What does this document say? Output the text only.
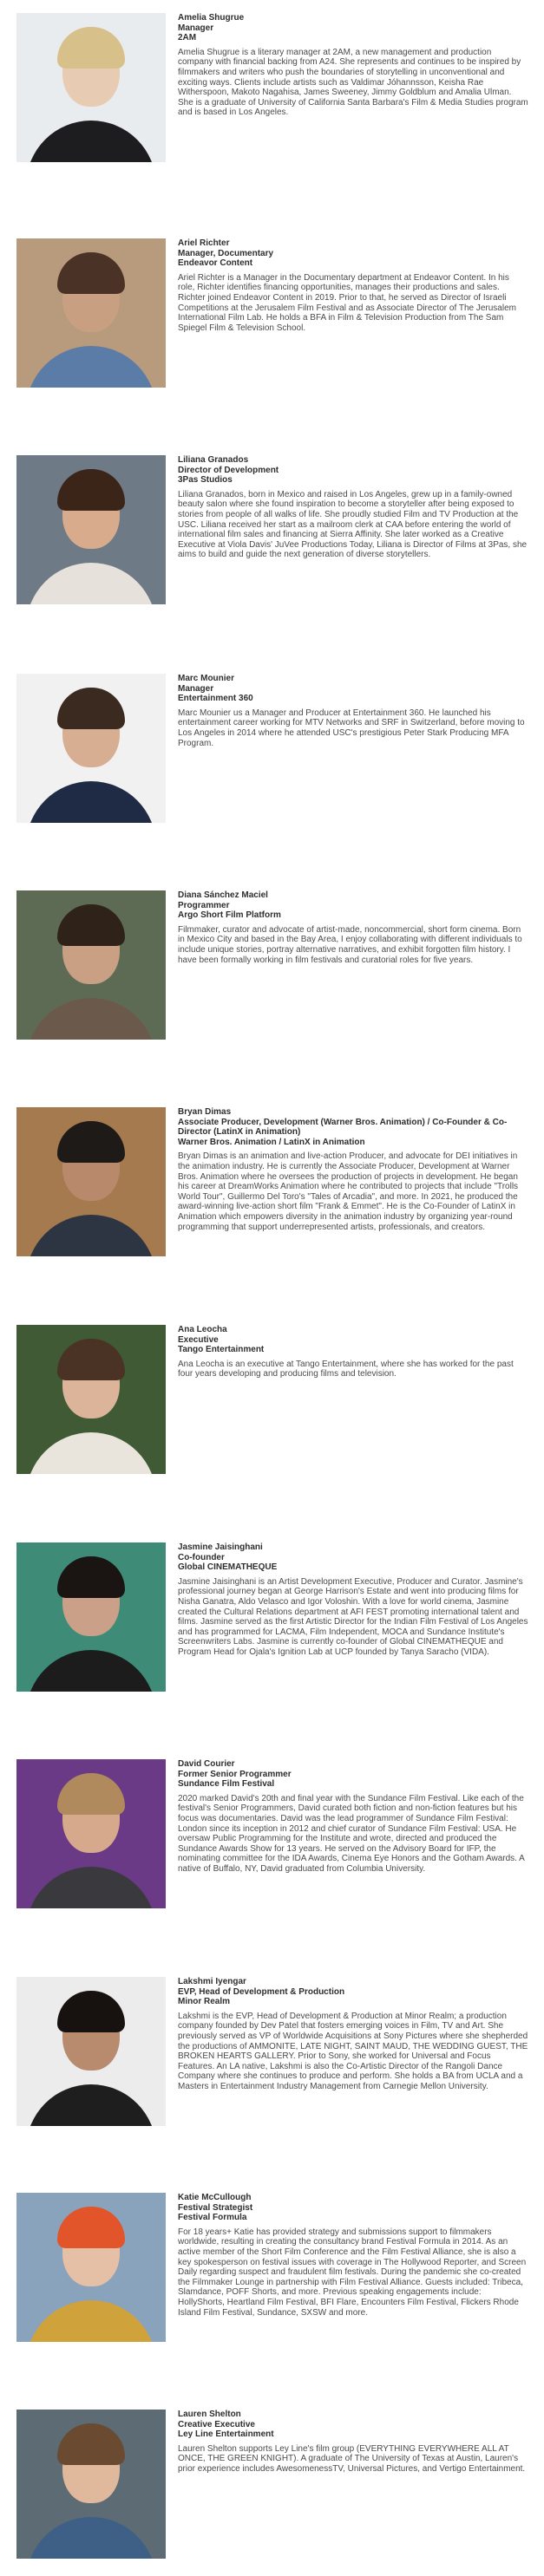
Amelia Shugrue
Manager
2AM
Amelia Shugrue is a literary manager at 2AM, a new management and production company with financial backing from A24. She represents and continues to be inspired by filmmakers and writers who push the boundaries of storytelling in unconventional and exciting ways. Clients include artists such as Valdimar Jóhannsson, Keisha Rae Witherspoon, Makoto Nagahisa, James Sweeney, Jimmy Goldblum and Amalia Ulman. She is a graduate of University of California Santa Barbara's Film & Media Studies program and is based in Los Angeles.
Ariel Richter
Manager, Documentary
Endeavor Content
Ariel Richter is a Manager in the Documentary department at Endeavor Content. In his role, Richter identifies financing opportunities, manages their productions and sales. Richter joined Endeavor Content in 2019. Prior to that, he served as Director of Israeli Competitions at the Jerusalem Film Festival and as Associate Director of The Jerusalem International Film Lab. He holds a BFA in Film & Television Production from The Sam Spiegel Film & Television School.
Liliana Granados
Director of Development
3Pas Studios
Liliana Granados, born in Mexico and raised in Los Angeles, grew up in a family-owned beauty salon where she found inspiration to become a storyteller after being exposed to stories from people of all walks of life. She proudly studied Film and TV Production at the USC. Liliana received her start as a mailroom clerk at CAA before entering the world of international film sales and financing at Sierra Affinity. She later worked as a Creative Executive at Viola Davis' JuVee Productions Today, Liliana is Director of Films at 3Pas, she aims to build and guide the next generation of diverse storytellers.
Marc Mounier
Manager
Entertainment 360
Marc Mounier us a Manager and Producer at Entertainment 360. He launched his entertainment career working for MTV Networks and SRF in Switzerland, before moving to Los Angeles in 2014 where he attended USC's prestigious Peter Stark Producing MFA Program.
Diana Sánchez Maciel
Programmer
Argo Short Film Platform
Filmmaker, curator and advocate of artist-made, noncommercial, short form cinema. Born in Mexico City and based in the Bay Area, I enjoy collaborating with different individuals to include unique stories, portray alternative narratives, and exhibit forgotten film history. I have been formally working in film festivals and curatorial roles for five years.
Bryan Dimas
Associate Producer, Development (Warner Bros. Animation) / Co-Founder & Co-Director (LatinX in Animation)
Warner Bros. Animation / LatinX in Animation
Bryan Dimas is an animation and live-action Producer, and advocate for DEI initiatives in the animation industry. He is currently the Associate Producer, Development at Warner Bros. Animation where he oversees the production of projects in development. He began his career at DreamWorks Animation where he contributed to projects that include "Trolls World Tour", Guillermo Del Toro's "Tales of Arcadia", and more. In 2021, he produced the award-winning live-action short film "Frank & Emmet". He is the Co-Founder of LatinX in Animation which empowers diversity in the animation industry by organizing year-round programming that support underrepresented artists, professionals, and creators.
Ana Leocha
Executive
Tango Entertainment
Ana Leocha is an executive at Tango Entertainment, where she has worked for the past four years developing and producing films and television.
Jasmine Jaisinghani
Co-founder
Global CINEMATHEQUE
Jasmine Jaisinghani is an Artist Development Executive, Producer and Curator. Jasmine's professional journey began at George Harrison's Estate and went into producing films for Nisha Ganatra, Aldo Velasco and Igor Voloshin. With a love for world cinema, Jasmine created the Cultural Relations department at AFI FEST promoting international talent and films. Jasmine served as the first Artistic Director for the Indian Film Festival of Los Angeles and has programmed for LACMA, Film Independent, MOCA and Sundance Institute's Screenwriters Labs. Jasmine is currently co-founder of Global CINEMATHEQUE and Program Head for Ojala's Ignition Lab at UCP founded by Tanya Saracho (VIDA).
David Courier
Former Senior Programmer
Sundance Film Festival
2020 marked David's 20th and final year with the Sundance Film Festival. Like each of the festival's Senior Programmers, David curated both fiction and non-fiction features but his focus was documentaries. David was the lead programmer of Sundance Film Festival: London since its inception in 2012 and chief curator of Sundance Film Festival: USA. He oversaw Public Programming for the Institute and wrote, directed and produced the Sundance Awards Show for 13 years. He served on the Advisory Board for IFP, the nominating committee for the IDA Awards, Cinema Eye Honors and the Gotham Awards. A native of Buffalo, NY, David graduated from Columbia University.
Lakshmi Iyengar
EVP, Head of Development & Production
Minor Realm
Lakshmi is the EVP, Head of Development & Production at Minor Realm; a production company founded by Dev Patel that fosters emerging voices in Film, TV and Art. She previously served as VP of Worldwide Acquisitions at Sony Pictures where she shepherded the productions of AMMONITE, LATE NIGHT, SAINT MAUD, THE WEDDING GUEST, THE BROKEN HEARTS GALLERY. Prior to Sony, she worked for Universal and Focus Features. An LA native, Lakshmi is also the Co-Artistic Director of the Rangoli Dance Company where she continues to produce and perform. She holds a BA from UCLA and a Masters in Entertainment Industry Management from Carnegie Mellon University.
Katie McCullough
Festival Strategist
Festival Formula
For 18 years+ Katie has provided strategy and submissions support to filmmakers worldwide, resulting in creating the consultancy brand Festival Formula in 2014. As an active member of the Short Film Conference and the Film Festival Alliance, she is also a key spokesperson on festival issues with coverage in The Hollywood Reporter, and Screen Daily regarding suspect and fraudulent film festivals. During the pandemic she co-created the Filmmaker Lounge in partnership with Film Festival Alliance. Guests included: Tribeca, Slamdance, POFF Shorts, and more. Previous speaking engagements include: HollyShorts, Heartland Film Festival, BFI Flare, Encounters Film Festival, Flickers Rhode Island Film Festival, Sundance, SXSW and more.
Lauren Shelton
Creative Executive
Ley Line Entertainment
Lauren Shelton supports Ley Line's film group (EVERYTHING EVERYWHERE ALL AT ONCE, THE GREEN KNIGHT). A graduate of The University of Texas at Austin, Lauren's prior experience includes AwesomenessTV, Universal Pictures, and Vertigo Entertainment.
